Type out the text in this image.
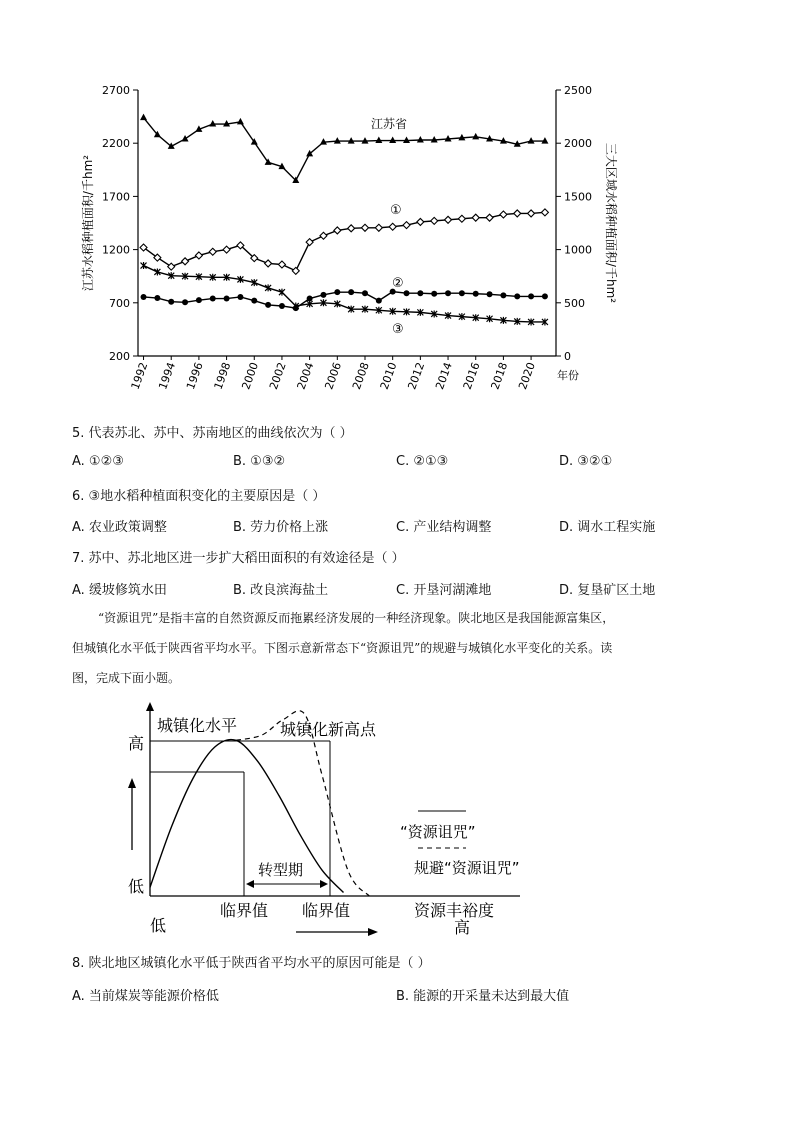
年份
江苏水稻种植面积/千hm²	三大区域水稻种植面积/千hm²
200
700
1200
1700
2200
2700
0
500
1000
1500
2000
2500
1992 1994 1996 1998 2000 2002 2004 2006 2008 2010 2012 2014 2016 2018 2020
江苏省
①
②
③
5. 代表苏北、苏中、苏南地区的曲线依次为（ ）
A. ①②③	B. ①③②	C. ②①③	D. ③②①
6. ③地水稻种植面积变化的主要原因是（ ）
A. 农业政策调整	B. 劳力价格上涨	C. 产业结构调整	D. 调水工程实施
7. 苏中、苏北地区进一步扩大稻田面积的有效途径是（ ）
A. 缓坡修筑水田	B. 改良滨海盐土	C. 开垦河湖滩地	D. 复垦矿区土地
“资源诅咒”是指丰富的自然资源反而拖累经济发展的一种经济现象。陕北地区是我国能源富集区，
但城镇化水平低于陕西省平均水平。下图示意新常态下“资源诅咒”的规避与城镇化水平变化的关系。读
图，完成下面小题。
“资源诅咒”
规避“资源诅咒”
城镇化水平	城镇化新高点
高
低
低
转型期
临界值 临界值	资源丰裕度
高
8. 陕北地区城镇化水平低于陕西省平均水平的原因可能是（ ）
A. 当前煤炭等能源价格低	B. 能源的开采量未达到最大值
